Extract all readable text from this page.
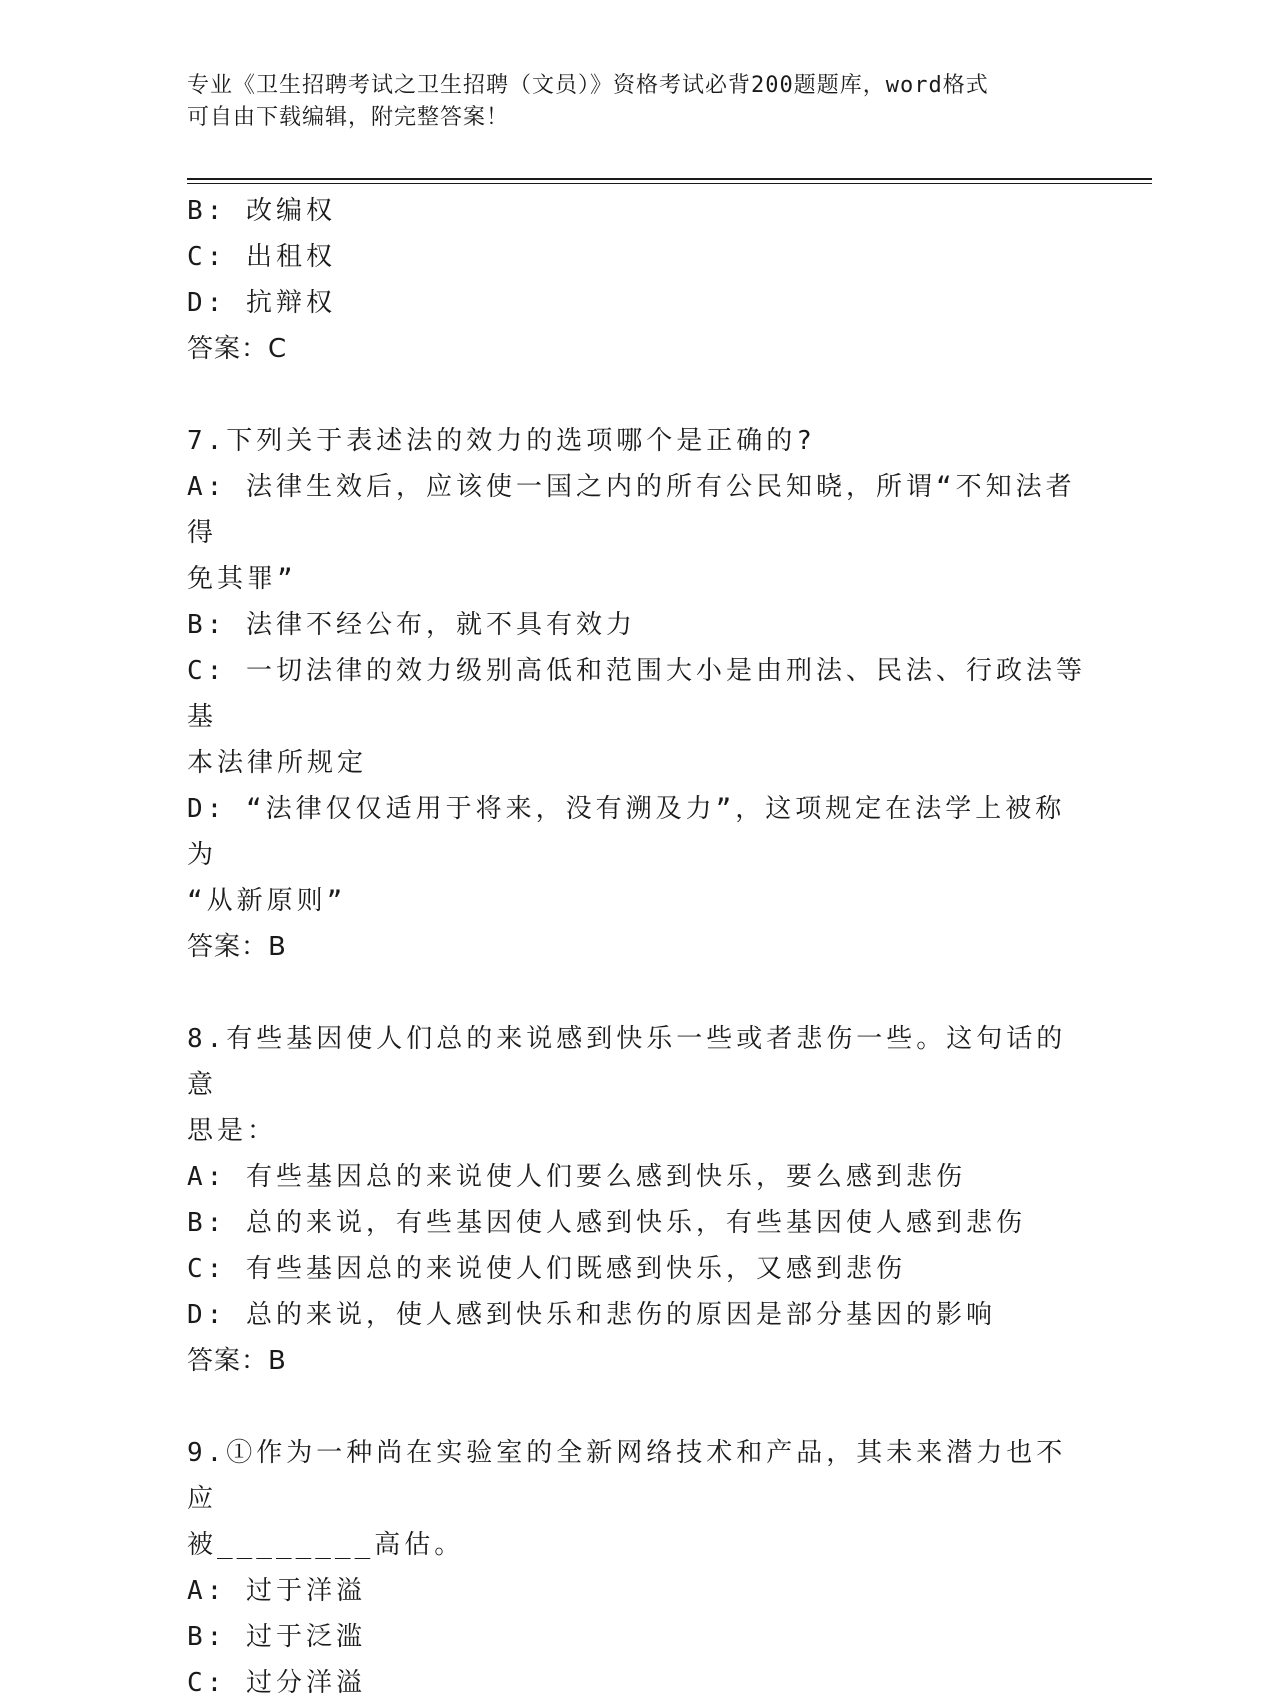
专业《卫生招聘考试之卫生招聘（文员）》资格考试必背200题题库，word格式
可自由下载编辑，附完整答案！
B: 改编权
C: 出租权
D: 抗辩权
答案：C
7.下列关于表述法的效力的选项哪个是正确的?
A: 法律生效后，应该使一国之内的所有公民知晓，所谓“不知法者得
免其罪”
B: 法律不经公布，就不具有效力
C: 一切法律的效力级别高低和范围大小是由刑法、民法、行政法等基
本法律所规定
D: “法律仅仅适用于将来，没有溯及力”，这项规定在法学上被称为
“从新原则”
答案：B
8.有些基因使人们总的来说感到快乐一些或者悲伤一些。这句话的意
思是：
A: 有些基因总的来说使人们要么感到快乐，要么感到悲伤
B: 总的来说，有些基因使人感到快乐，有些基因使人感到悲伤
C: 有些基因总的来说使人们既感到快乐，又感到悲伤
D: 总的来说，使人感到快乐和悲伤的原因是部分基因的影响
答案：B
9.①作为一种尚在实验室的全新网络技术和产品，其未来潜力也不应
被________高估。
A: 过于洋溢
B: 过于泛滥
C: 过分洋溢
